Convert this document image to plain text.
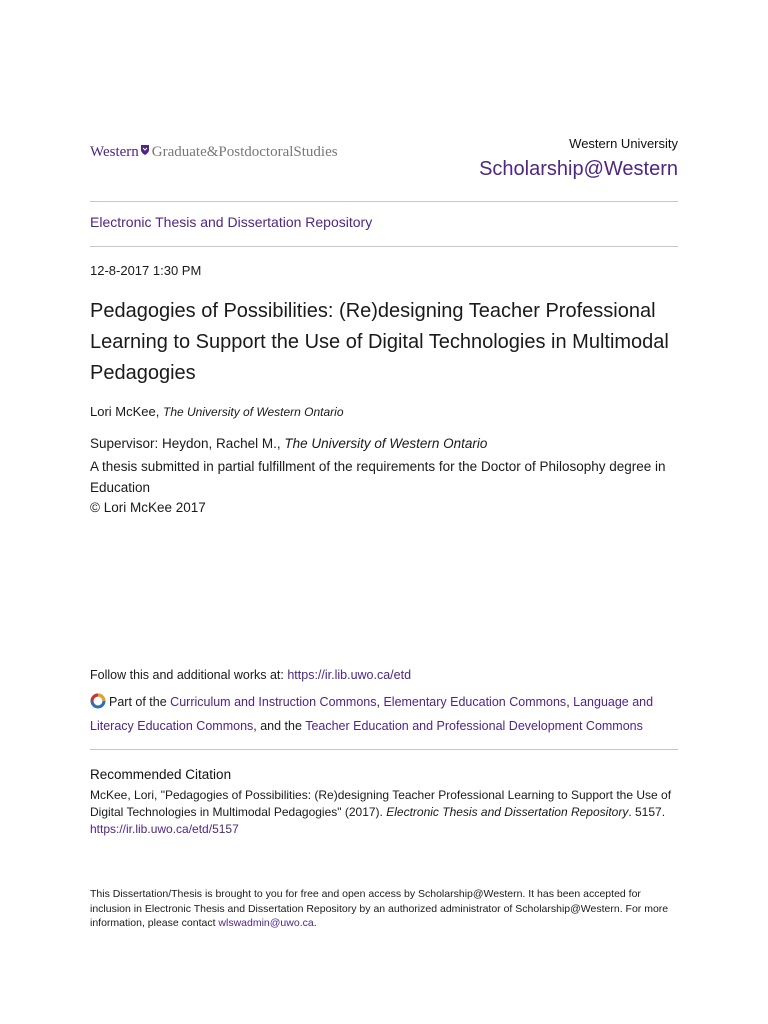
Western Graduate&PostdoctoralStudies
Western University
Scholarship@Western
Electronic Thesis and Dissertation Repository
12-8-2017 1:30 PM
Pedagogies of Possibilities: (Re)designing Teacher Professional Learning to Support the Use of Digital Technologies in Multimodal Pedagogies
Lori McKee, The University of Western Ontario
Supervisor: Heydon, Rachel M., The University of Western Ontario
A thesis submitted in partial fulfillment of the requirements for the Doctor of Philosophy degree in Education
© Lori McKee 2017
Follow this and additional works at: https://ir.lib.uwo.ca/etd
Part of the Curriculum and Instruction Commons, Elementary Education Commons, Language and Literacy Education Commons, and the Teacher Education and Professional Development Commons
Recommended Citation
McKee, Lori, "Pedagogies of Possibilities: (Re)designing Teacher Professional Learning to Support the Use of Digital Technologies in Multimodal Pedagogies" (2017). Electronic Thesis and Dissertation Repository. 5157.
https://ir.lib.uwo.ca/etd/5157
This Dissertation/Thesis is brought to you for free and open access by Scholarship@Western. It has been accepted for inclusion in Electronic Thesis and Dissertation Repository by an authorized administrator of Scholarship@Western. For more information, please contact wlswadmin@uwo.ca.
